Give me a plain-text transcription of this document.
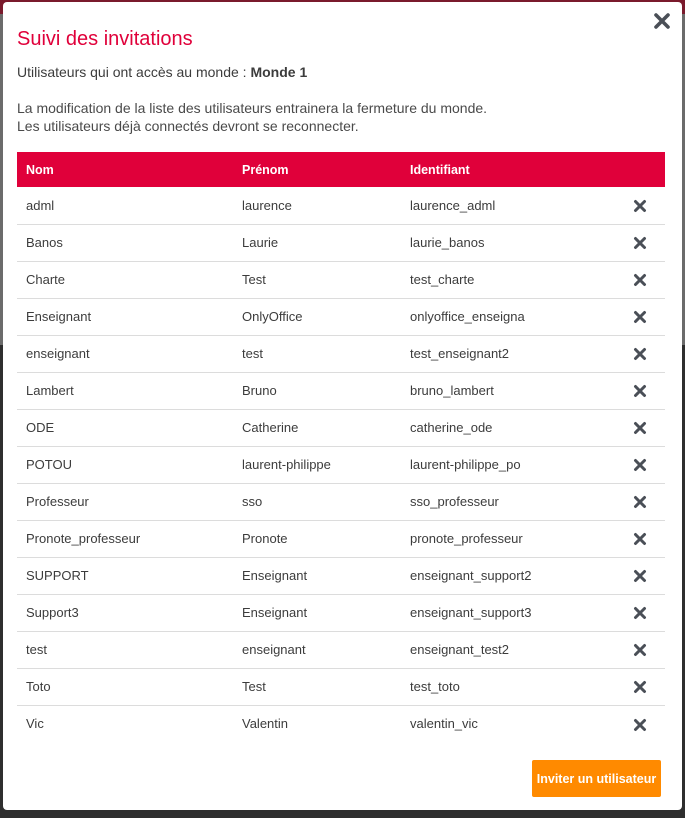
Suivi des invitations
Utilisateurs qui ont accès au monde : Monde 1
La modification de la liste des utilisateurs entrainera la fermeture du monde.
Les utilisateurs déjà connectés devront se reconnecter.
Nom	Prénom	Identifiant	
adml	laurence	laurence_adml	
Banos	Laurie	laurie_banos	
Charte	Test	test_charte	
Enseignant	OnlyOffice	onlyoffice_enseigna	
enseignant	test	test_enseignant2	
Lambert	Bruno	bruno_lambert	
ODE	Catherine	catherine_ode	
POTOU	laurent-philippe	laurent-philippe_po	
Professeur	sso	sso_professeur	
Pronote_professeur	Pronote	pronote_professeur	
SUPPORT	Enseignant	enseignant_support2	
Support3	Enseignant	enseignant_support3	
test	enseignant	enseignant_test2	
Toto	Test	test_toto	
Vic	Valentin	valentin_vic	
Inviter un utilisateur
